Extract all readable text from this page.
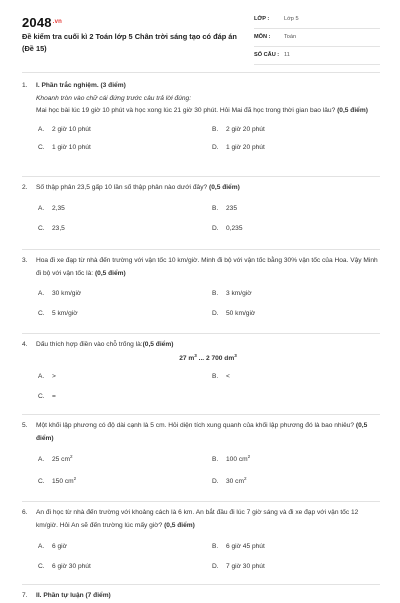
$2048^{.vn}$
Đề kiểm tra cuối kì 2 Toán lớp 5 Chân trời sáng tạo có đáp án (Đề 15)
LỚP :	Lớp 5
MÔN : Toán
SỐ CÂU : 11
1. I. Phần trắc nghiệm. (3 điểm)
Khoanh tròn vào chữ cái đứng trước câu trả lời đúng:
Mai học bài lúc 19 giờ 10 phút và học xong lúc 21 giờ 30 phút. Hỏi Mai đã học trong thời gian bao lâu? (0,5 điểm)
A. 2 giờ 10 phút	B. 2 giờ 20 phút
C. 1 giờ 10 phút	D. 1 giờ 20 phút
2. Số thập phân 23,5 gấp 10 lần số thập phân nào dưới đây? (0,5 điểm)
A. 2,35	B. 235
C. 23,5	D. 0,235
3. Hoa đi xe đạp từ nhà đến trường với vận tốc 10 km/giờ. Minh đi bộ với vận tốc bằng 30% vận tốc của Hoa. Vậy Minh đi bộ với vận tốc là: (0,5 điểm)
A. 30 km/giờ	B. 3 km/giờ
C. 5 km/giờ	D. 50 km/giờ
4. Dấu thích hợp điền vào chỗ trống là:(0,5 điểm)
27 $m^3$ ... 2 700 $dm^3$
A. >	B. <
C. =
5. Một khối lập phương có độ dài cạnh là 5 cm. Hỏi diện tích xung quanh của khối lập phương đó là bao nhiêu? (0,5 điểm)
A. 25 $cm^2$	B. 100 $cm^2$
C. 150 $cm^2$	D. 30 $cm^2$
6. An đi học từ nhà đến trường với khoảng cách là 6 km. An bắt đầu đi lúc 7 giờ sáng và đi xe đạp với vận tốc 12 km/giờ. Hỏi An sẽ đến trường lúc mấy giờ? (0,5 điểm)
A. 6 giờ	B. 6 giờ 45 phút
C. 6 giờ 30 phút	D. 7 giờ 30 phút
7. II. Phần tự luận (7 điểm)
